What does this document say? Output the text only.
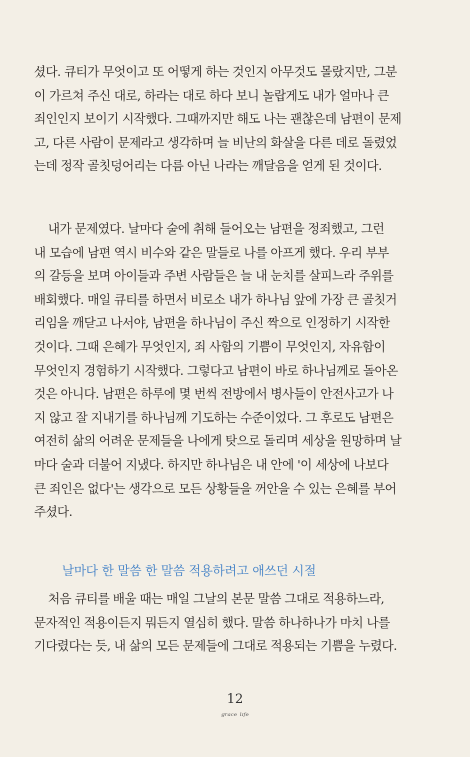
셨다. 큐티가 무엇이고 또 어떻게 하는 것인지 아무것도 몰랐지만, 그분
이 가르쳐 주신 대로, 하라는 대로 하다 보니 놀랍게도 내가 얼마나 큰
죄인인지 보이기 시작했다. 그때까지만 해도 나는 괜찮은데 남편이 문제
고, 다른 사람이 문제라고 생각하며 늘 비난의 화살을 다른 데로 돌렸었
는데 정작 골칫덩어리는 다름 아닌 나라는 깨달음을 얻게 된 것이다.
내가 문제였다. 날마다 술에 취해 들어오는 남편을 정죄했고, 그런
내 모습에 남편 역시 비수와 같은 말들로 나를 아프게 했다. 우리 부부
의 갈등을 보며 아이들과 주변 사람들은 늘 내 눈치를 살피느라 주위를
배회했다. 매일 큐티를 하면서 비로소 내가 하나님 앞에 가장 큰 골칫거
리임을 깨닫고 나서야, 남편을 하나님이 주신 짝으로 인정하기 시작한
것이다. 그때 은혜가 무엇인지, 죄 사함의 기쁨이 무엇인지, 자유함이
무엇인지 경험하기 시작했다. 그렇다고 남편이 바로 하나님께로 돌아온
것은 아니다. 남편은 하루에 몇 번씩 전방에서 병사들이 안전사고가 나
지 않고 잘 지내기를 하나님께 기도하는 수준이었다. 그 후로도 남편은
여전히 삶의 어려운 문제들을 나에게 탓으로 돌리며 세상을 원망하며 날
마다 술과 더불어 지냈다. 하지만 하나님은 내 안에 '이 세상에 나보다
큰 죄인은 없다'는 생각으로 모든 상황들을 꺼안을 수 있는 은혜를 부어
주셨다.
날마다 한 말씀 한 말씀 적용하려고 애쓰던 시절
처음 큐티를 배울 때는 매일 그날의 본문 말씀 그대로 적용하느라,
문자적인 적용이든지 뭐든지 열심히 했다. 말씀 하나하나가 마치 나를
기다렸다는 듯, 내 삶의 모든 문제들에 그대로 적용되는 기쁨을 누렸다.
12
ᵍʳᵃᶜᵉ ˡᶦᶠᵉ
